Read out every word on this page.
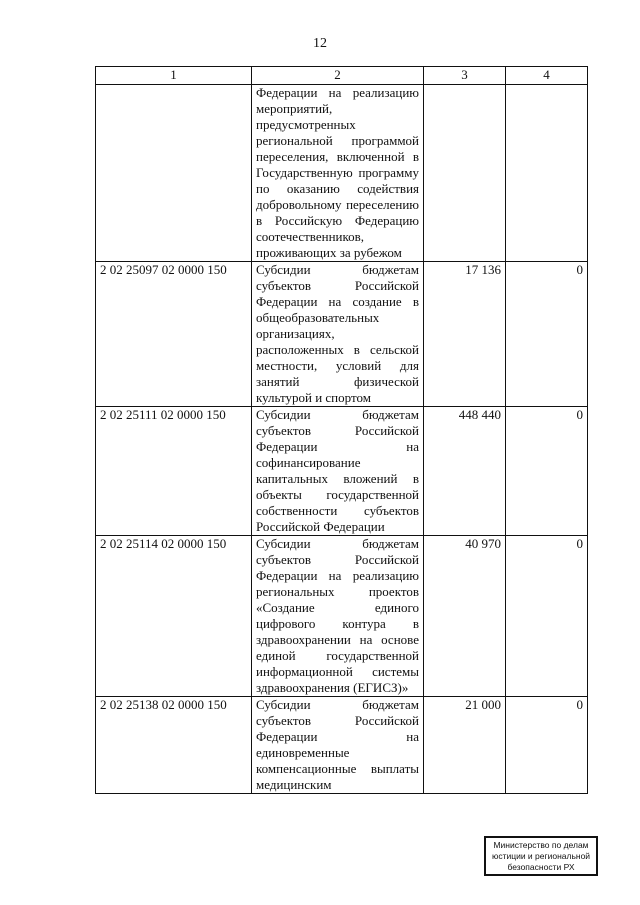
12
1	2	3	4
	Федерации на реализацию мероприятий, предусмотренных региональной программой переселения, включенной в Государственную программу по оказанию содействия добровольному переселению в Российскую Федерацию соотечественников, проживающих за рубежом		
2 02 25097 02 0000 150	Субсидии бюджетам субъектов Российской Федерации на создание в общеобразовательных организациях, расположенных в сельской местности, условий для занятий физической культурой и спортом	17 136	0
2 02 25111 02 0000 150	Субсидии бюджетам субъектов Российской Федерации на софинансирование капитальных вложений в объекты государственной собственности субъектов Российской Федерации	448 440	0
2 02 25114 02 0000 150	Субсидии бюджетам субъектов Российской Федерации на реализацию региональных проектов «Создание единого цифрового контура в здравоохранении на основе единой государственной информационной системы здравоохранения (ЕГИСЗ)»	40 970	0
2 02 25138 02 0000 150	Субсидии бюджетам субъектов Российской Федерации на единовременные компенсационные выплаты медицинским	21 000	0
Министерство по делам
юстиции и региональной
безопасности РХ
